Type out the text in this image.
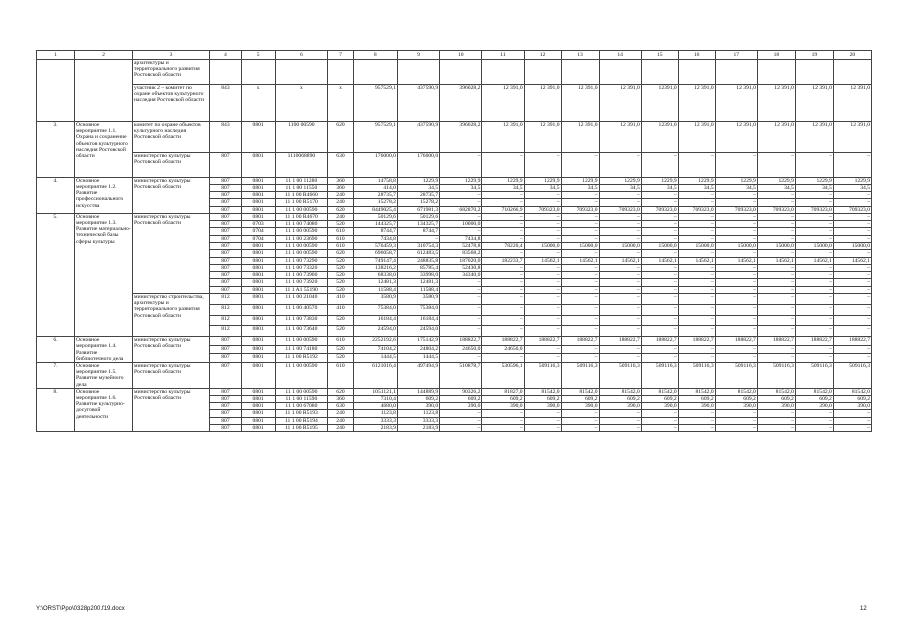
1	2	3	4	5	6	7	8	9	10	11	12	13	14	15	16	17	18	19	20
		архитектуры и территориального развития Ростовской области																	
		участник 2 – комитет по охране объектов культурного наследия Ростовской области	843	х	х	х	957529,1	437590,9	396028,2	12 391,0	12 391,0	12 391,0	12 391,0	12391,0	12 391,0	12 391,0	12 391,0	12 391,0	12 391,0
3.	Основное мероприятие 1.1. Охрана и сохранение объектов культурного наследия Ростовской области	комитет по охране объектов культурного наследия Ростовской области	843	0801	1100 00590	620	957529,1	437590,9	396028,2	12 391,0	12 391,0	12 391,0	12 391,0	12391,0	12 391,0	12 391,0	12 391,0	12 391,0	12 391,0
		министерство культуры Ростовской области	807	0801	1110068890	630	176000,0	176000,0	–	–	–	–	–	–	–	–	–	–	–
4.	Основное мероприятие 1.2. Развитие профессионального искусства	министерство культуры Ростовской области	807	0801	11 1 00 11280	360	14758,8	1229,9	1229,9	1229,9	1229,9	1229,9	1229,9	1229,9	1229,9	1229,9	1229,9	1229,9	1229,9
			807	0801	11 1 00 11550	360	414,0	34,5	34,5	34,5	34,5	34,5	34,5	34,5	34,5	34,5	34,5	34,5	34,5
			807	0801	11 1 00 R4660	240	28735,7	28735,7	–	–	–	–	–	–	–	–	–	–	–
			807	0801	11 1 00 R5170	240	15278,2	15278,2	–	–	–	–	–	–	–	–	–	–	–
			807	0801	11 1 00 00590	620	8449025,4	671981,3	682870,2	710266,9	709323,0	709323,0	709323,0	709323,0	709323,0	709323,0	709323,0	709323,0	709323,0
5.	Основное мероприятие 1.3. Развитие материально-технической базы сферы культуры	министерство культуры Ростовской области	807	0801	11 1 00 R4670	240	50129,6	50129,6	–	–	–	–	–	–	–	–	–	–	–
			807	0703	11 1 00 74080	520	144325,7	134325,7	10000,0	–	–	–	–	–	–	–	–	–	–
			807	0704	11 1 00 00590	610	8744,7	8744,7	–	–	–	–	–	–	–	–	–	–	–
			807	0704	11 1 00 23690	610	7434,8	–	7434,8	–	–	–	–	–	–	–	–	–	–
			807	0801	11 1 00 00590	610	576459,3	310754,3	52478,8	78220,4	15000,0	15000,0	15000,0	15000,0	15000,0	15000,0	15000,0	15000,0	15000,0
			807	0801	11 1 00 00590	620	696058,7	612483,5	83568,2	–	–	–	–	–	–	–	–	–	–
			807	0801	11 1 00 73290	520	749147,4	248835,8	187020,0	182233,7	14562,1	14562,1	14562,1	14562,1	14562,1	14562,1	14562,1	14562,1	14562,1
			807	0801	11 1 00 73320	520	138216,2	85785,4	52430,8	–	–	–	–	–	–	–	–	–	–
			807	0801	11 1 00 73900	520	68338,0	33998,0	34340,0	–	–	–	–	–	–	–	–	–	–
			807	0801	11 1 00 73920	520	12481,3	12481,3	–	–	–	–	–	–	–	–	–	–	–
			807	0801	11 1 A1 55190	520	11588,4	11588,4	–	–	–	–	–	–	–	–	–	–	–
		министерство строительства, архитектуры и территориального развития Ростовской области	812	0801	11 1 00 21040	410	3580,9	3580,9	–	–	–	–	–	–	–	–	–	–	–
			812	0801	11 1 00 40570	410	75384,0	75384,0	–	–	–	–	–	–	–	–	–	–	–
			812	0801	11 1 00 73830	520	16184,4	16184,4	–	–	–	–	–	–	–	–	–	–	–
			812	0801	11 1 00 73640	520	24594,0	24594,0	–	–	–	–	–	–	–	–	–	–	–
6.	Основное мероприятие 1.4. Развитие библиотечного дела	министерство культуры Ростовской области	807	0801	11 1 00 00590	610	2252192,6	175142,9	188822,7	188822,7	188822,7	188822,7	188822,7	188822,7	188822,7	188822,7	188822,7	188822,7	188822,7
			807	0801	11 1 00 74180	520	74104,2	24804,2	24650,0	24650,0	–	–	–	–	–	–	–	–	–
			807	0801	11 1 00 R5192	520	1444,5	1444,5	–	–	–	–	–	–	–	–	–	–	–
7.	Основное мероприятие 1.5. Развитие музейного дела	министерство культуры Ростовской области	807	0801	11 1 00 00590	610	6121016,4	497494,9	510878,7	530596,1	509116,3	509116,3	509116,3	509116,3	509116,3	509116,3	509116,3	509116,3	509116,3
8.	Основное мероприятие 1.6. Развитие культурно-досуговой деятельности	министерство культуры Ростовской области	807	0801	11 1 00 00590	620	1051121,1	144889,9	90326,2	81827,0	81542,0	81542,0	81542,0	81542,0	81542,0	81542,0	81542,0	81542,0	81542,0
			807	0801	11 1 00 11590	360	7310,4	609,2	609,2	609,2	609,2	609,2	609,2	609,2	609,2	609,2	609,2	609,2	609,2
			807	0801	11 1 00 67080	630	4680,0	390,0	390,0	390,0	390,0	390,0	390,0	390,0	390,0	390,0	390,0	390,0	390,0
			807	0801	11 1 00 R5193	240	1123,8	1123,8	–	–	–	–	–	–	–	–	–	–	–
			807	0801	11 1 00 R5194	240	3333,3	3333,3	–	–	–	–	–	–	–	–	–	–	–
			807	0801	11 1 00 R5195	240	2183,9	2183,9	–	–	–	–	–	–	–	–	–	–	–
Y:\ORST\Ppo\0328p200.f19.docx	12
